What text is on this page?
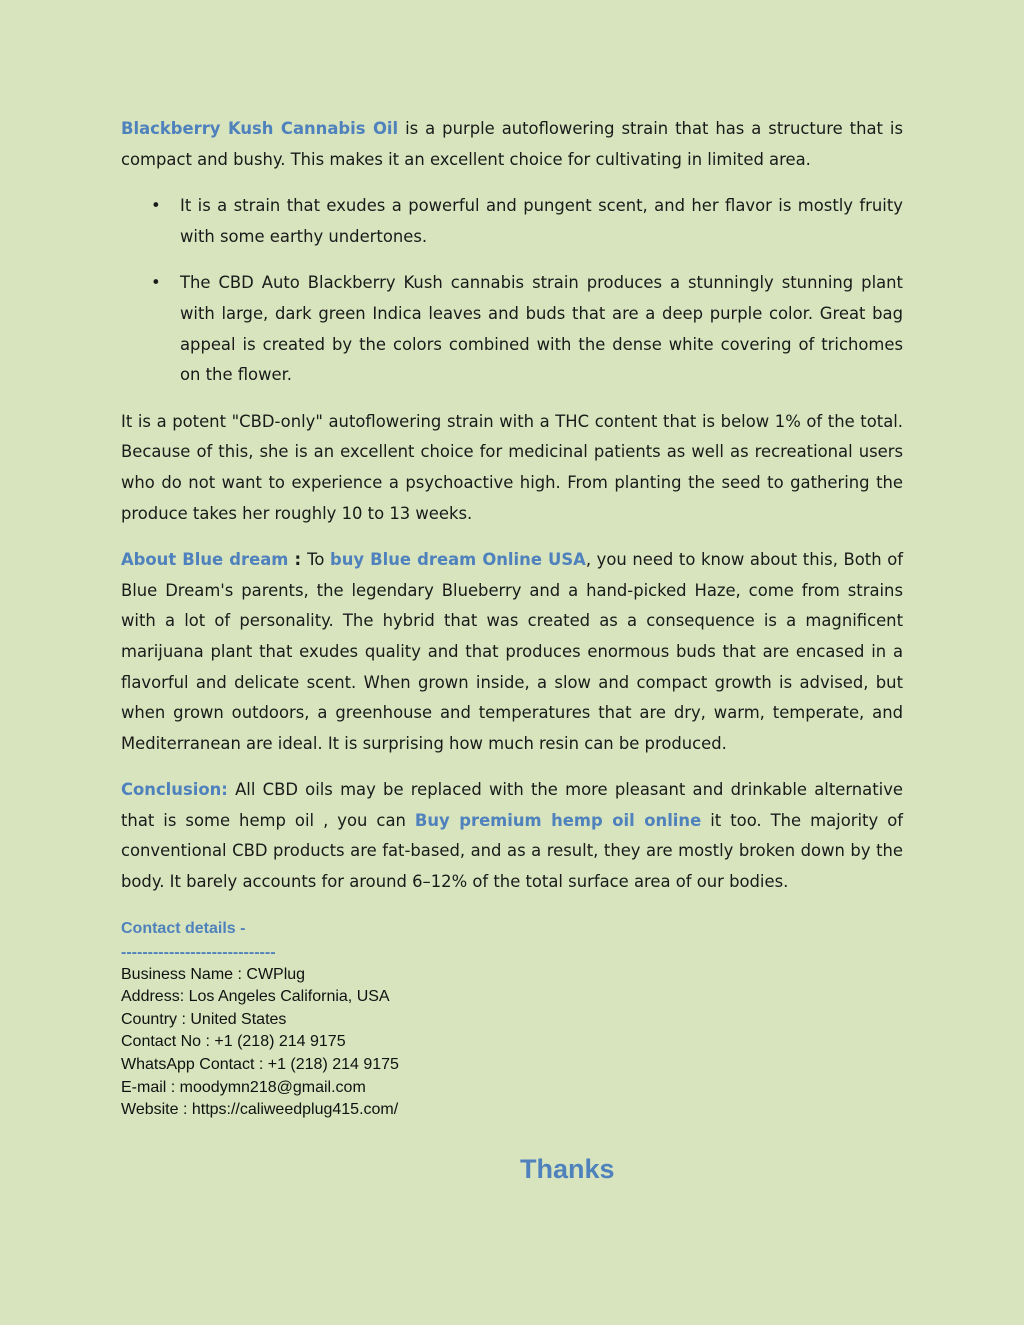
Blackberry Kush Cannabis Oil is a purple autoflowering strain that has a structure that is compact and bushy. This makes it an excellent choice for cultivating in limited area.

• It is a strain that exudes a powerful and pungent scent, and her flavor is mostly fruity with some earthy undertones.
• The CBD Auto Blackberry Kush cannabis strain produces a stunningly stunning plant with large, dark green Indica leaves and buds that are a deep purple color. Great bag appeal is created by the colors combined with the dense white covering of trichomes on the flower.

It is a potent "CBD-only" autoflowering strain with a THC content that is below 1% of the total. Because of this, she is an excellent choice for medicinal patients as well as recreational users who do not want to experience a psychoactive high. From planting the seed to gathering the produce takes her roughly 10 to 13 weeks.

About Blue dream : To buy Blue dream Online USA, you need to know about this, Both of Blue Dream's parents, the legendary Blueberry and a hand-picked Haze, come from strains with a lot of personality. The hybrid that was created as a consequence is a magnificent marijuana plant that exudes quality and that produces enormous buds that are encased in a flavorful and delicate scent. When grown inside, a slow and compact growth is advised, but when grown outdoors, a greenhouse and temperatures that are dry, warm, temperate, and Mediterranean are ideal. It is surprising how much resin can be produced.

Conclusion: All CBD oils may be replaced with the more pleasant and drinkable alternative that is some hemp oil , you can Buy premium hemp oil online it too. The majority of conventional CBD products are fat-based, and as a result, they are mostly broken down by the body. It barely accounts for around 6–12% of the total surface area of our bodies.

Contact details -
-----------------------------
Business Name : CWPlug
Address: Los Angeles California, USA
Country : United States
Contact No : +1 (218) 214 9175
WhatsApp Contact : +1 (218) 214 9175
E-mail : moodymn218@gmail.com
Website : https://caliweedplug415.com/
Thanks
